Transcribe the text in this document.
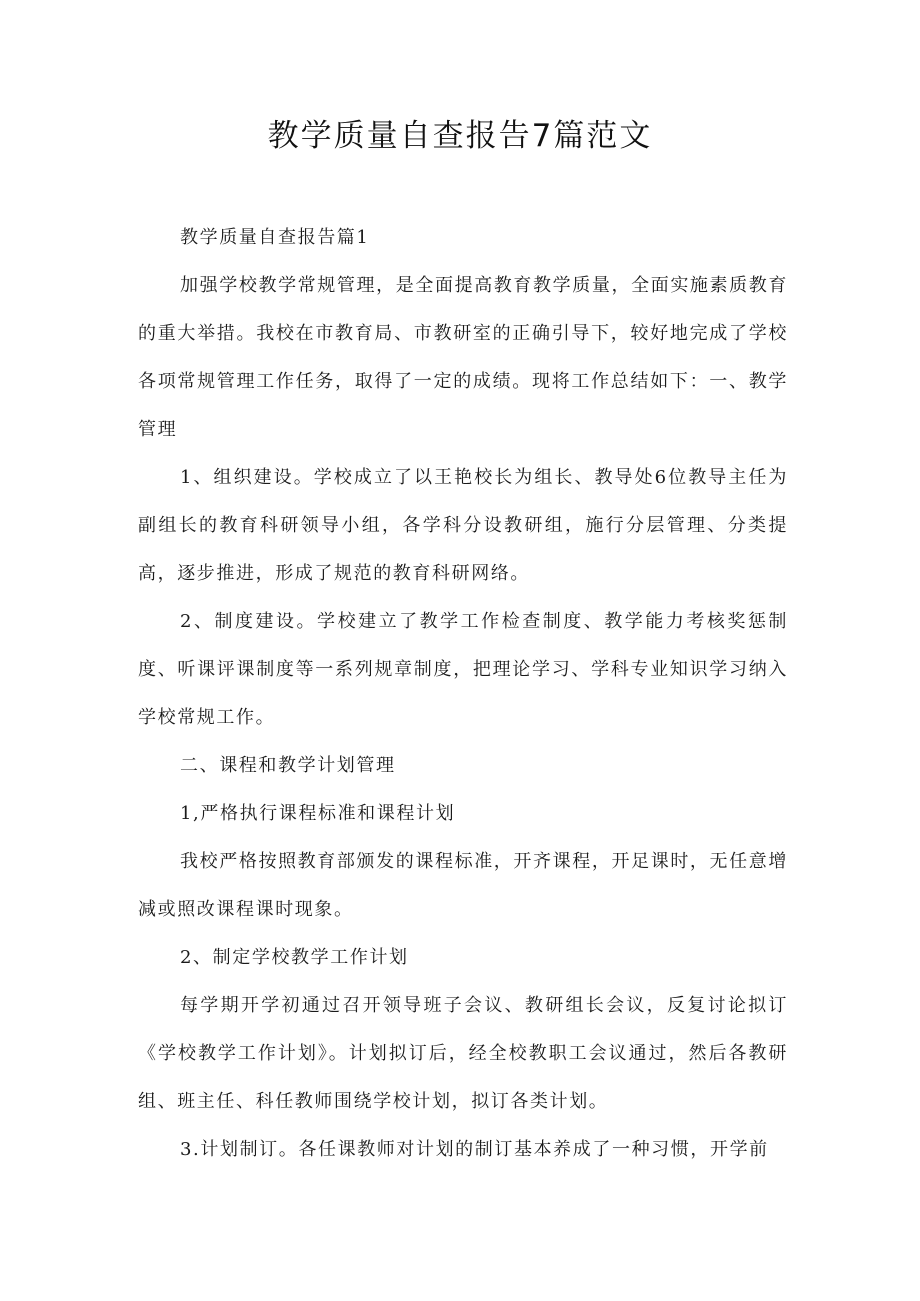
教学质量自查报告7篇范文

教学质量自查报告篇1

加强学校教学常规管理，是全面提高教育教学质量，全面实施素质教育的重大举措。我校在市教育局、市教研室的正确引导下，较好地完成了学校各项常规管理工作任务，取得了一定的成绩。现将工作总结如下：一、教学管理

1、组织建设。学校成立了以王艳校长为组长、教导处6位教导主任为副组长的教育科研领导小组，各学科分设教研组，施行分层管理、分类提高，逐步推进，形成了规范的教育科研网络。

2、制度建设。学校建立了教学工作检查制度、教学能力考核奖惩制度、听课评课制度等一系列规章制度，把理论学习、学科专业知识学习纳入学校常规工作。

二、课程和教学计划管理

1,严格执行课程标准和课程计划

我校严格按照教育部颁发的课程标准，开齐课程，开足课时，无任意增减或照改课程课时现象。

2、制定学校教学工作计划

每学期开学初通过召开领导班子会议、教研组长会议，反复讨论拟订《学校教学工作计划》。计划拟订后，经全校教职工会议通过，然后各教研组、班主任、科任教师围绕学校计划，拟订各类计划。

3.计划制订。各任课教师对计划的制订基本养成了一种习惯，开学前
